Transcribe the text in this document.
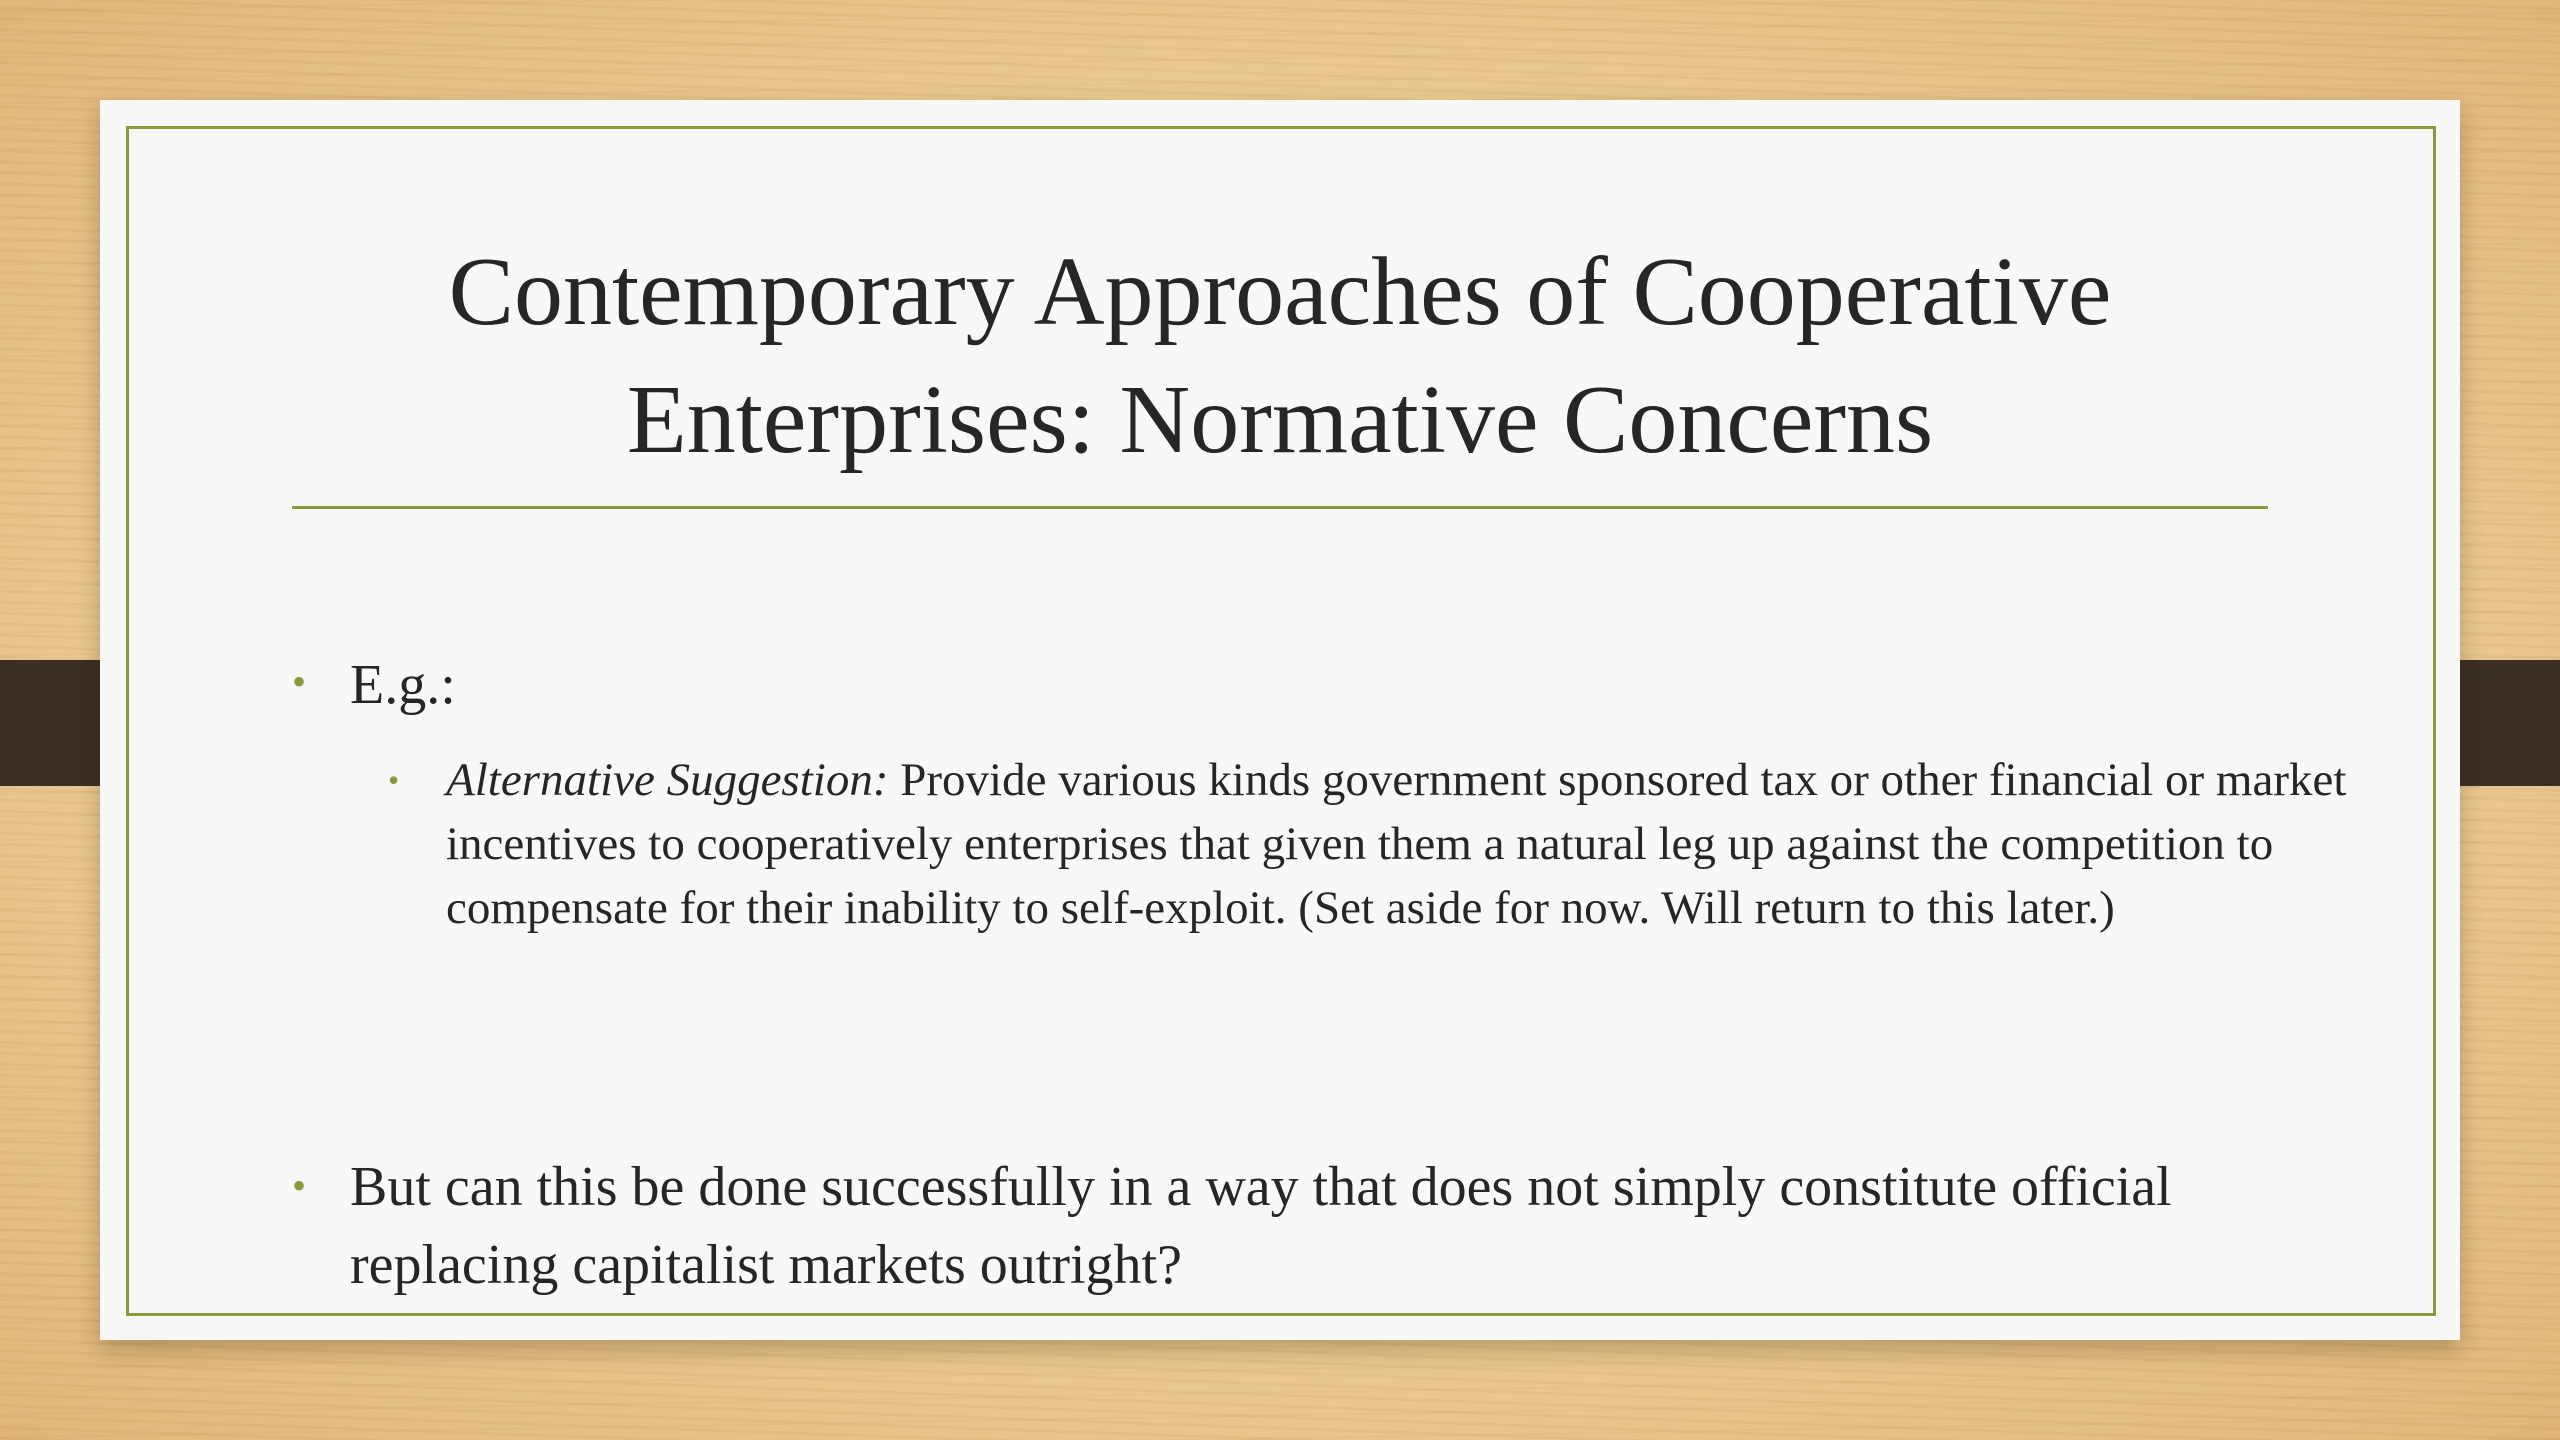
Contemporary Approaches of Cooperative
Enterprises: Normative Concerns
• E.g.:
• Alternative Suggestion: Provide various kinds government sponsored tax or other financial or market incentives to cooperatively enterprises that given them a natural leg up against the competition to compensate for their inability to self-exploit. (Set aside for now. Will return to this later.)
• But can this be done successfully in a way that does not simply constitute official replacing capitalist markets outright?
